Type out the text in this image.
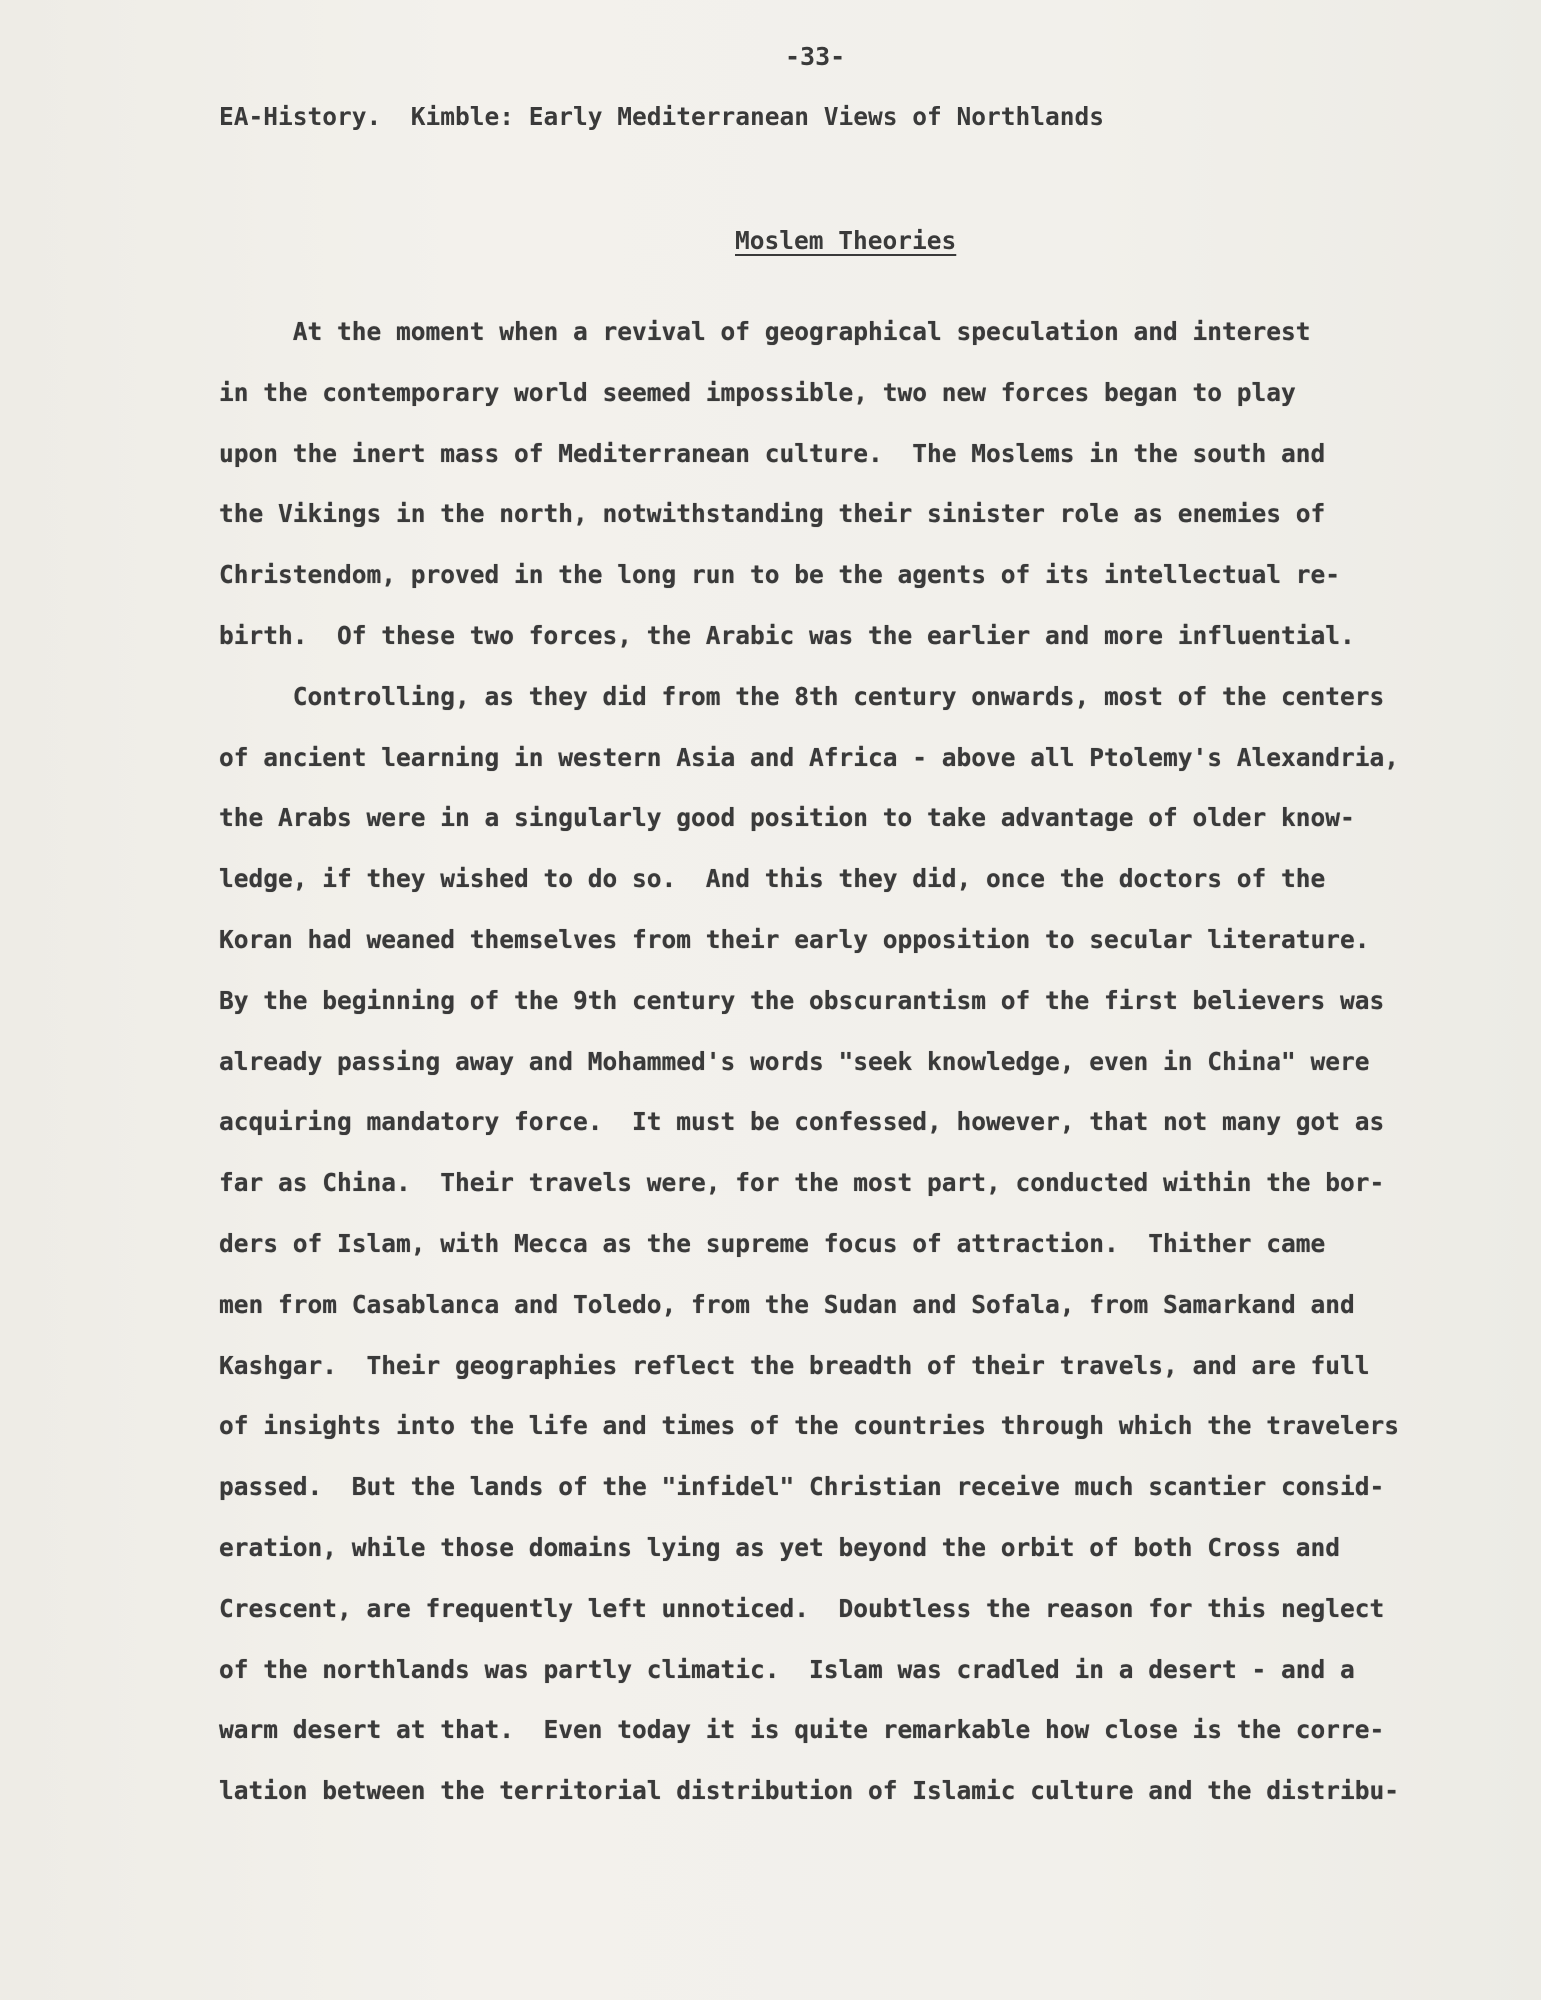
-33-
EA-History.  Kimble: Early Mediterranean Views of Northlands
Moslem Theories
At the moment when a revival of geographical speculation and interest
in the contemporary world seemed impossible, two new forces began to play
upon the inert mass of Mediterranean culture.  The Moslems in the south and
the Vikings in the north, notwithstanding their sinister role as enemies of
Christendom, proved in the long run to be the agents of its intellectual re-
birth.  Of these two forces, the Arabic was the earlier and more influential.
Controlling, as they did from the 8th century onwards, most of the centers
of ancient learning in western Asia and Africa - above all Ptolemy's Alexandria,
the Arabs were in a singularly good position to take advantage of older know-
ledge, if they wished to do so.  And this they did, once the doctors of the
Koran had weaned themselves from their early opposition to secular literature.
By the beginning of the 9th century the obscurantism of the first believers was
already passing away and Mohammed's words "seek knowledge, even in China" were
acquiring mandatory force.  It must be confessed, however, that not many got as
far as China.  Their travels were, for the most part, conducted within the bor-
ders of Islam, with Mecca as the supreme focus of attraction.  Thither came
men from Casablanca and Toledo, from the Sudan and Sofala, from Samarkand and
Kashgar.  Their geographies reflect the breadth of their travels, and are full
of insights into the life and times of the countries through which the travelers
passed.  But the lands of the "infidel" Christian receive much scantier consid-
eration, while those domains lying as yet beyond the orbit of both Cross and
Crescent, are frequently left unnoticed.  Doubtless the reason for this neglect
of the northlands was partly climatic.  Islam was cradled in a desert - and a
warm desert at that.  Even today it is quite remarkable how close is the corre-
lation between the territorial distribution of Islamic culture and the distribu-
